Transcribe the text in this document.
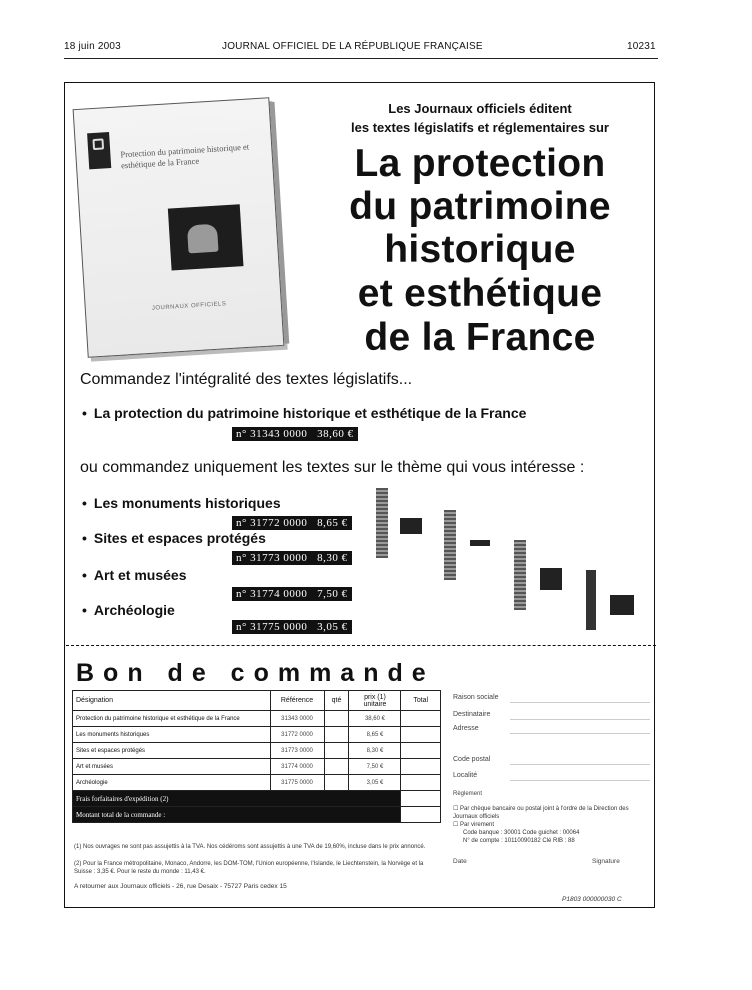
18 juin 2003	JOURNAL OFFICIEL DE LA RÉPUBLIQUE FRANÇAISE	10231
Protection du patrimoine historique et esthétique de la France
JOURNAUX OFFICIELS
Les Journaux officiels éditent
les textes législatifs et réglementaires sur
La protection
du patrimoine
historique
et esthétique
de la France
Commandez l'intégralité des textes législatifs...
• La protection du patrimoine historique et esthétique de la France
n° 31343 0000 38,60 €
ou commandez uniquement les textes sur le thème qui vous intéresse :
• Les monuments historiques
n° 31772 0000 8,65 €
• Sites et espaces protégés
n° 31773 0000 8,30 €
• Art et musées
n° 31774 0000 7,50 €
• Archéologie
n° 31775 0000 3,05 €
Bon de commande
Désignation	Référence	qté	prix (1) unitaire	Total
Protection du patrimoine historique et esthétique de la France	31343 0000		38,60 €	
Les monuments historiques	31772 0000		8,65 €	
Sites et espaces protégés	31773 0000		8,30 €	
Art et musées	31774 0000		7,50 €	
Archéologie	31775 0000		3,05 €	
Frais forfaitaires d'expédition (2)				
Montant total de la commande :				
(1) Nos ouvrages ne sont pas assujettis à la TVA. Nos cédéroms sont assujettis à une TVA de 19,60%, incluse dans le prix annoncé.
(2) Pour la France métropolitaine, Monaco, Andorre, les DOM-TOM, l'Union européenne, l'Islande, le Liechtenstein, la Norvège et la Suisse : 3,35 €. Pour le reste du monde : 11,43 €.
A retourner aux Journaux officiels - 26, rue Desaix - 75727 Paris cedex 15
Raison sociale
Destinataire
Adresse
Code postal
Localité
Règlement
☐ Par chèque bancaire ou postal joint à l'ordre de la Direction des Journaux officiels
☐ Par virement
Code banque : 30001 Code guichet : 00064
N° de compte : 10110090182 Clé RIB : 88
Date	Signature
P1803 000000030 C
